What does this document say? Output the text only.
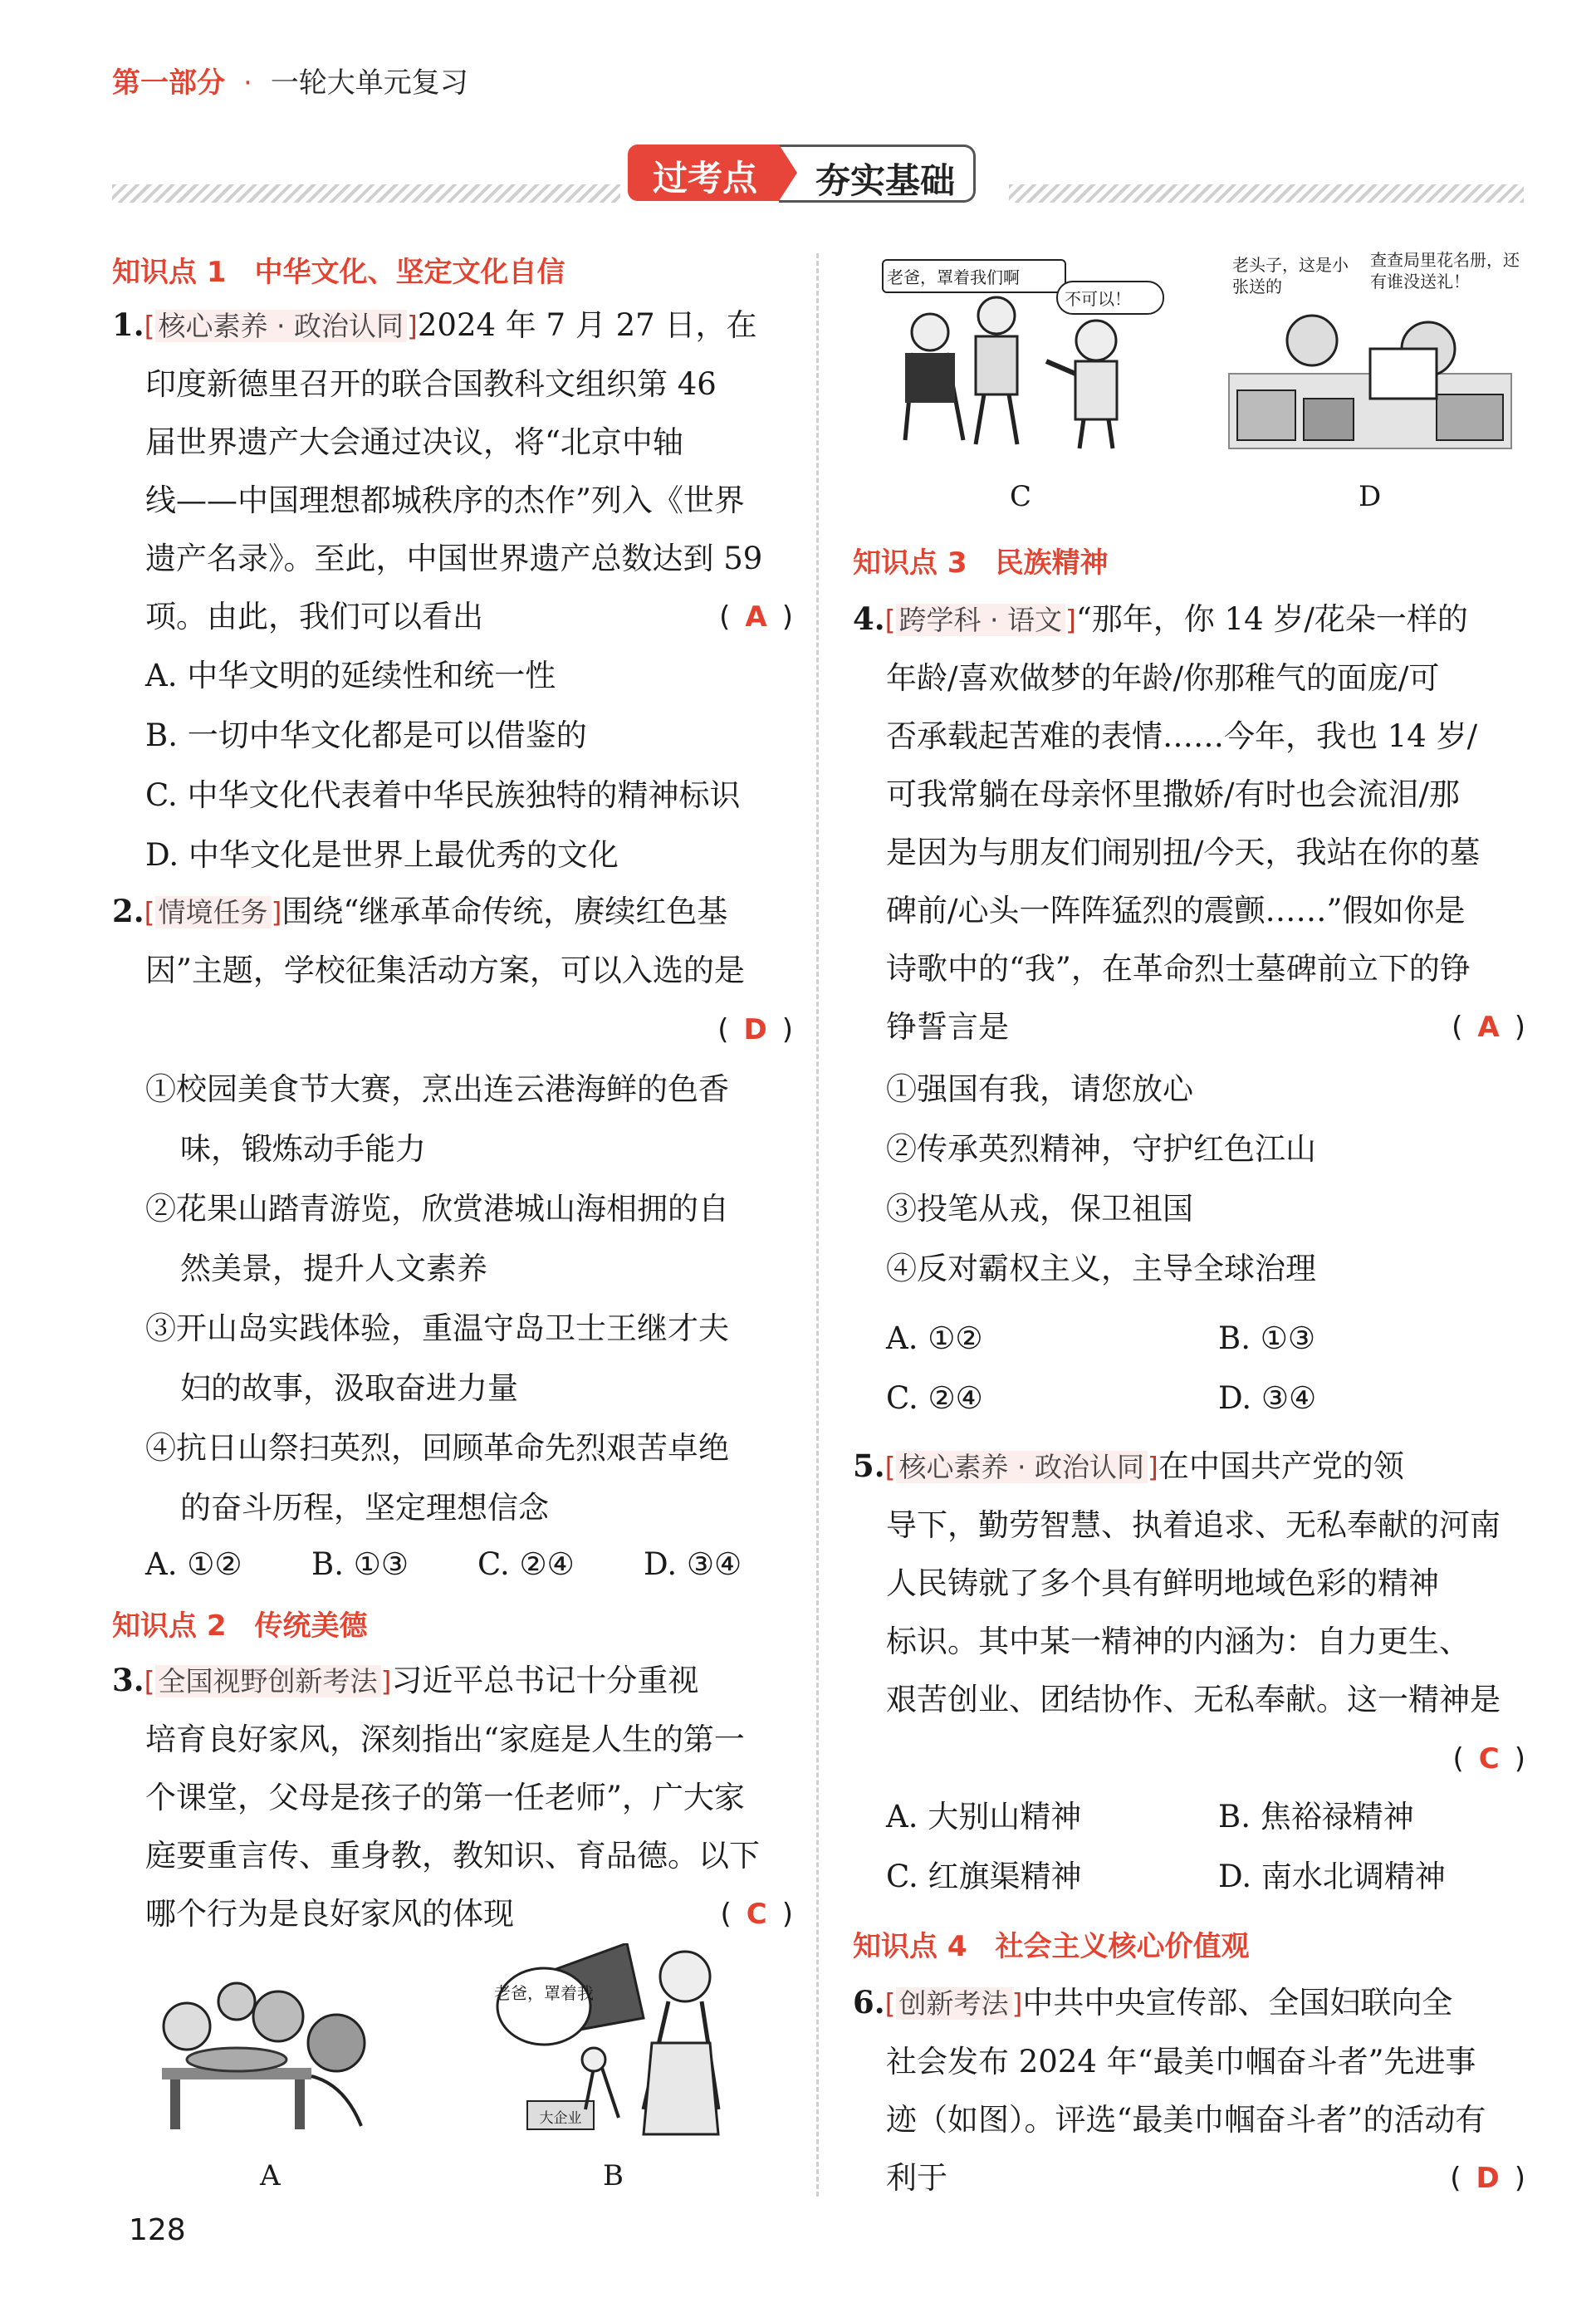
第一部分 · 一轮大单元复习
过考点	夯实基础
知识点 1 中华文化、坚定文化自信
1.[ 核心素养 · 政治认同 ]2024 年 7 月 27 日，在
印度新德里召开的联合国教科文组织第 46
届世界遗产大会通过决议，将“北京中轴
线——中国理想都城秩序的杰作”列入《世界
遗产名录》。至此，中国世界遗产总数达到 59
项。由此，我们可以看出	( A )
A. 中华文明的延续性和统一性
B. 一切中华文化都是可以借鉴的
C. 中华文化代表着中华民族独特的精神标识
D. 中华文化是世界上最优秀的文化
2.[ 情境任务 ]围绕“继承革命传统，赓续红色基
因”主题，学校征集活动方案，可以入选的是
( D )
①校园美食节大赛，烹出连云港海鲜的色香
味，锻炼动手能力
②花果山踏青游览，欣赏港城山海相拥的自
然美景，提升人文素养
③开山岛实践体验，重温守岛卫士王继才夫
妇的故事，汲取奋进力量
④抗日山祭扫英烈，回顾革命先烈艰苦卓绝
的奋斗历程，坚定理想信念
A. ①②	B. ①③	C. ②④	D. ③④
知识点 2 传统美德
3.[ 全国视野创新考法 ]习近平总书记十分重视
培育良好家风，深刻指出“家庭是人生的第一
个课堂，父母是孩子的第一任老师”，广大家
庭要重言传、重身教，教知识、育品德。以下
哪个行为是良好家风的体现	( C )
A
老爸，罩着我
大企业
B
老爸，罩着我们啊
不可以！
C
老头子，这是小张送的
查查局里花名册，还有谁没送礼！
D
知识点 3 民族精神
4.[ 跨学科 · 语文 ]“那年，你 14 岁/花朵一样的
年龄/喜欢做梦的年龄/你那稚气的面庞/可
否承载起苦难的表情……今年，我也 14 岁/
可我常躺在母亲怀里撒娇/有时也会流泪/那
是因为与朋友们闹别扭/今天，我站在你的墓
碑前/心头一阵阵猛烈的震颤……”假如你是
诗歌中的“我”，在革命烈士墓碑前立下的铮
铮誓言是	( A )
①强国有我，请您放心
②传承英烈精神，守护红色江山
③投笔从戎，保卫祖国
④反对霸权主义，主导全球治理
A. ①②	B. ①③
C. ②④	D. ③④
5.[ 核心素养 · 政治认同 ]在中国共产党的领
导下，勤劳智慧、执着追求、无私奉献的河南
人民铸就了多个具有鲜明地域色彩的精神
标识。其中某一精神的内涵为：自力更生、
艰苦创业、团结协作、无私奉献。这一精神是
( C )
A. 大别山精神	B. 焦裕禄精神
C. 红旗渠精神	D. 南水北调精神
知识点 4 社会主义核心价值观
6.[ 创新考法 ]中共中央宣传部、全国妇联向全
社会发布 2024 年“最美巾帼奋斗者”先进事
迹（如图）。评选“最美巾帼奋斗者”的活动有
利于	( D )
128
